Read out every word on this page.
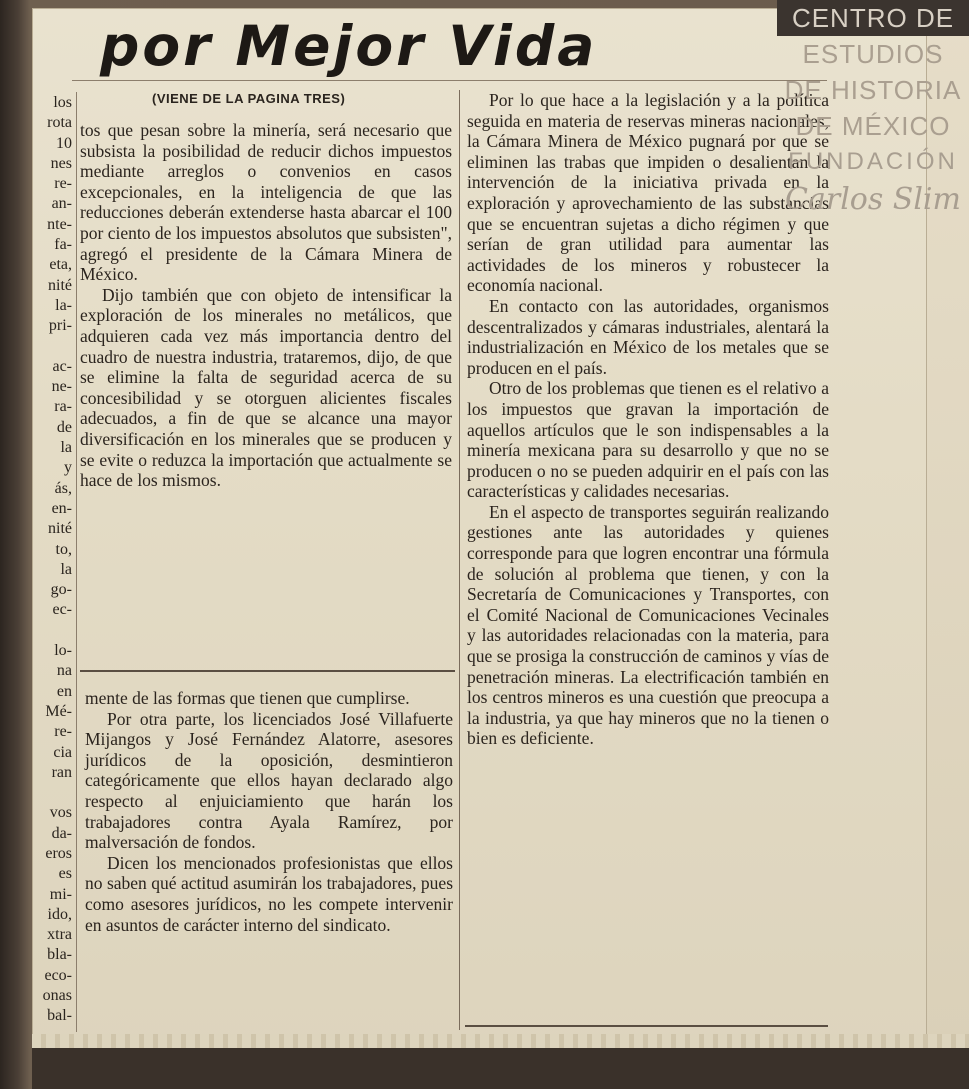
por Mejor Vida
(VIENE DE LA PAGINA TRES)
los
rota
10
nes
re-
an-
nte-
fa-
eta,
nité
la-
pri-

ac-
ne-
ra-
de
la
y
ás,
en-
nité
to,
la
go-
ec-

lo-
na
en
Mé-
re-
cia
ran

vos
da-
eros
es
mi-
ido,
xtra
bla-
eco-
onas
bal-

tos que pesan sobre la minería, será necesario que subsista la posibilidad de reducir dichos impuestos mediante arreglos o convenios en casos excepcionales, en la inteligencia de que las reducciones deberán extenderse hasta abarcar el 100 por ciento de los impuestos absolutos que subsisten", agregó el presidente de la Cámara Minera de México.

Dijo también que con objeto de intensificar la exploración de los minerales no metálicos, que adquieren cada vez más importancia dentro del cuadro de nuestra industria, trataremos, dijo, de que se elimine la falta de seguridad acerca de su concesibilidad y se otorguen alicientes fiscales adecuados, a fin de que se alcance una mayor diversificación en los minerales que se producen y se evite o reduzca la importación que actualmente se hace de los mismos.

mente de las formas que tienen que cumplirse.

Por otra parte, los licenciados José Villafuerte Mijangos y José Fernández Alatorre, asesores jurídicos de la oposición, desmintieron categóricamente que ellos hayan declarado algo respecto al enjuiciamiento que harán los trabajadores contra Ayala Ramírez, por malversación de fondos.

Dicen los mencionados profesionistas que ellos no saben qué actitud asumirán los trabajadores, pues como asesores jurídicos, no les compete intervenir en asuntos de carácter interno del sindicato.

Por lo que hace a la legislación y a la política seguida en materia de reservas mineras nacionales, la Cámara Minera de México pugnará por que se eliminen las trabas que impiden o desalientan la intervención de la iniciativa privada en la exploración y aprovechamiento de las substancias que se encuentran sujetas a dicho régimen y que serían de gran utilidad para aumentar las actividades de los mineros y robustecer la economía nacional.

En contacto con las autoridades, organismos descentralizados y cámaras industriales, alentará la industrialización en México de los metales que se producen en el país.

Otro de los problemas que tienen es el relativo a los impuestos que gravan la importación de aquellos artículos que le son indispensables a la minería mexicana para su desarrollo y que no se producen o no se pueden adquirir en el país con las características y calidades necesarias.

En el aspecto de transportes seguirán realizando gestiones ante las autoridades y quienes corresponde para que logren encontrar una fórmula de solución al problema que tienen, y con la Secretaría de Comunicaciones y Transportes, con el Comité Nacional de Comunicaciones Vecinales y las autoridades relacionadas con la materia, para que se prosiga la construcción de caminos y vías de penetración mineras. La electrificación también en los centros mineros es una cuestión que preocupa a la industria, ya que hay mineros que no la tienen o bien es deficiente.

CENTRO DE
ESTUDIOS
DE HISTORIA
DE MÉXICO
FUNDACIÓN
Carlos Slim
